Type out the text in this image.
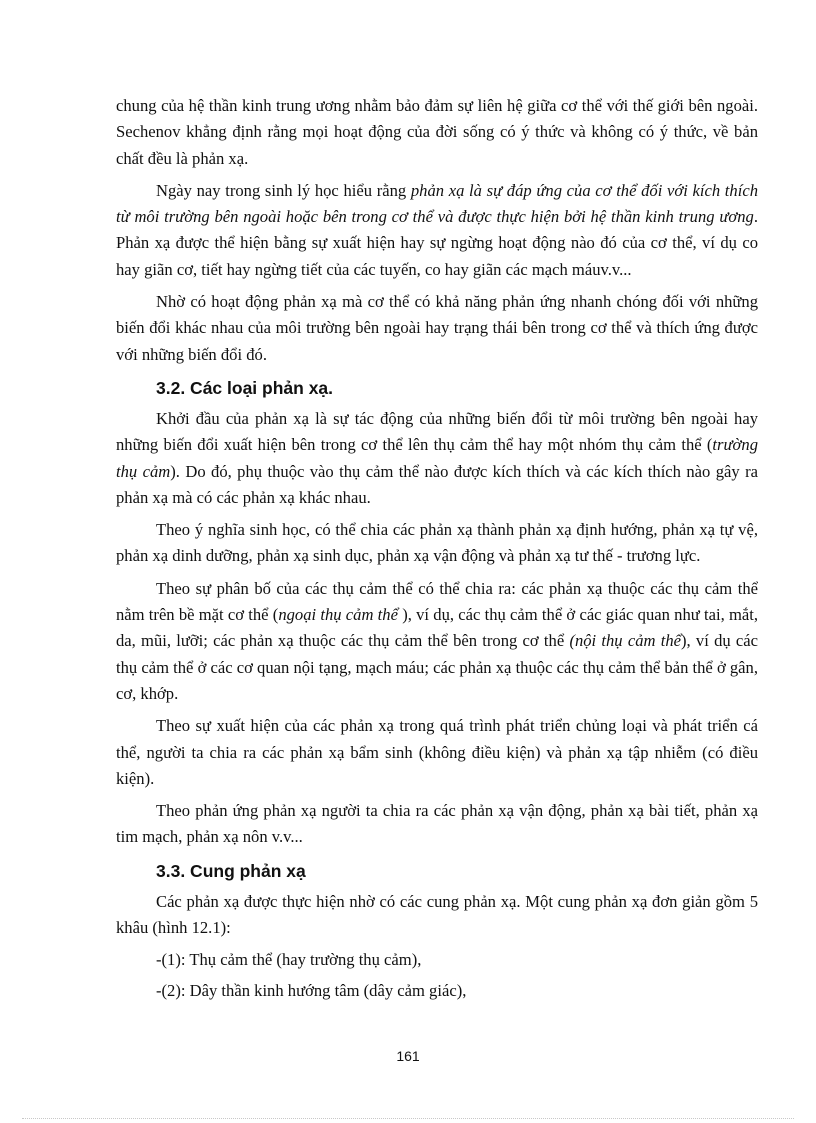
chung của hệ thần kinh trung ương nhằm bảo đảm sự liên hệ giữa cơ thể với thế giới bên ngoài. Sechenov khẳng định rằng mọi hoạt động của đời sống có ý thức và không có ý thức, về bản chất đều là phản xạ.

Ngày nay trong sinh lý học hiểu rằng phản xạ là sự đáp ứng của cơ thể đối với kích thích từ môi trường bên ngoài hoặc bên trong cơ thể và được thực hiện bởi hệ thần kinh trung ương. Phản xạ được thể hiện bằng sự xuất hiện hay sự ngừng hoạt động nào đó của cơ thể, ví dụ co hay giãn cơ, tiết hay ngừng tiết của các tuyến, co hay giãn các mạch máuv.v...

Nhờ có hoạt động phản xạ mà cơ thể có khả năng phản ứng nhanh chóng đối với những biến đổi khác nhau của môi trường bên ngoài hay trạng thái bên trong cơ thể và thích ứng được với những biến đổi đó.

3.2. Các loại phản xạ.

Khởi đầu của phản xạ là sự tác động của những biến đổi từ môi trường bên ngoài hay những biến đổi xuất hiện bên trong cơ thể lên thụ cảm thể hay một nhóm thụ cảm thể (trường thụ cảm). Do đó, phụ thuộc vào thụ cảm thể nào được kích thích và các kích thích nào gây ra phản xạ mà có các phản xạ khác nhau.

Theo ý nghĩa sinh học, có thể chia các phản xạ thành phản xạ định hướng, phản xạ tự vệ, phản xạ dinh dưỡng, phản xạ sinh dục, phản xạ vận động và phản xạ tư thế - trương lực.

Theo sự phân bố của các thụ cảm thể có thể chia ra: các phản xạ thuộc các thụ cảm thể nằm trên bề mặt cơ thể (ngoại thụ cảm thể ), ví dụ, các thụ cảm thể ở các giác quan như tai, mắt, da, mũi, lưỡi; các phản xạ thuộc các thụ cảm thể bên trong cơ thể (nội thụ cảm thể), ví dụ các thụ cảm thể ở các cơ quan nội tạng, mạch máu; các phản xạ thuộc các thụ cảm thể bản thể ở gân, cơ, khớp.

Theo sự xuất hiện của các phản xạ trong quá trình phát triển chủng loại và phát triển cá thể, người ta chia ra các phản xạ bẩm sinh (không điều kiện) và phản xạ tập nhiễm (có điều kiện).

Theo phản ứng phản xạ người ta chia ra các phản xạ vận động, phản xạ bài tiết, phản xạ tim mạch, phản xạ nôn v.v...

3.3. Cung phản xạ

Các phản xạ được thực hiện nhờ có các cung phản xạ. Một cung phản xạ đơn giản gồm 5 khâu (hình 12.1):

-(1): Thụ cảm thể (hay trường thụ cảm),

-(2): Dây thần kinh hướng tâm (dây cảm giác),

161
